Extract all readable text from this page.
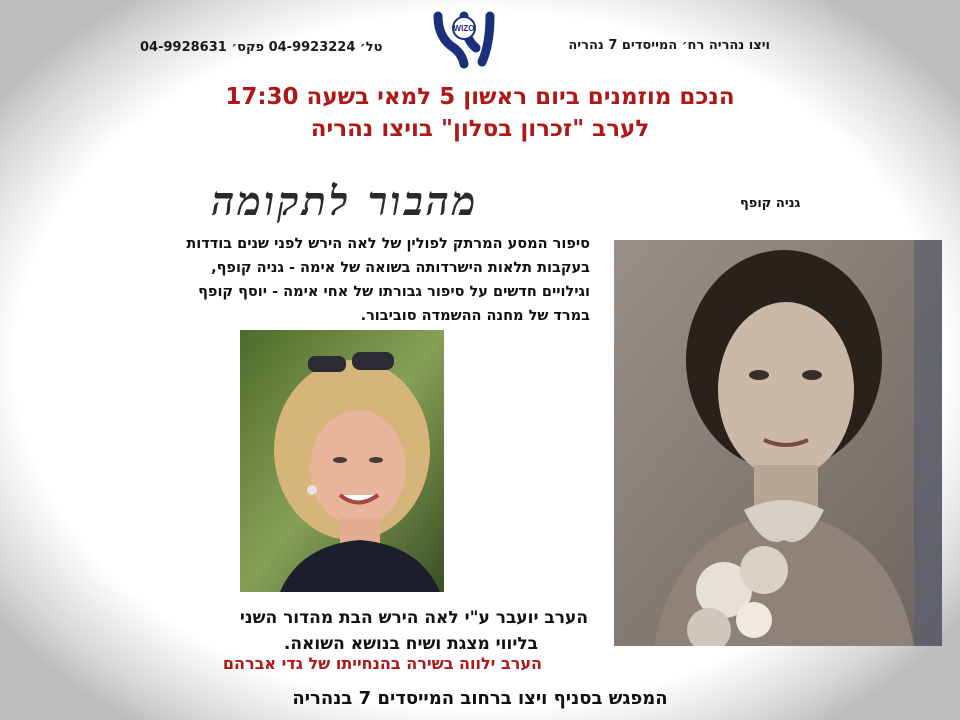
ויצו נהריה רח׳ המייסדים 7 נהריה
טל׳ 04-9923224 פקס׳ 04-9928631
WIZO
הנכם מוזמנים ביום ראשון 5 למאי בשעה 17:30
לערב "זכרון בסלון" בויצו נהריה
מהבור לתקומה
סיפור המסע המרתק לפולין של לאה הירש לפני שנים בודדות
בעקבות תלאות הישרדותה בשואה של אימה - גניה קופף,
וגילויים חדשים על סיפור גבורתו של אחי אימה - יוסף קופף
במרד של מחנה ההשמדה סוביבור.
גניה קופף
הערב יועבר ע"י לאה הירש הבת מהדור השני
בליווי מצגת ושיח בנושא השואה.
הערב ילווה בשירה בהנחייתו של גדי אברהם
המפגש בסניף ויצו ברחוב המייסדים 7 בנהריה
